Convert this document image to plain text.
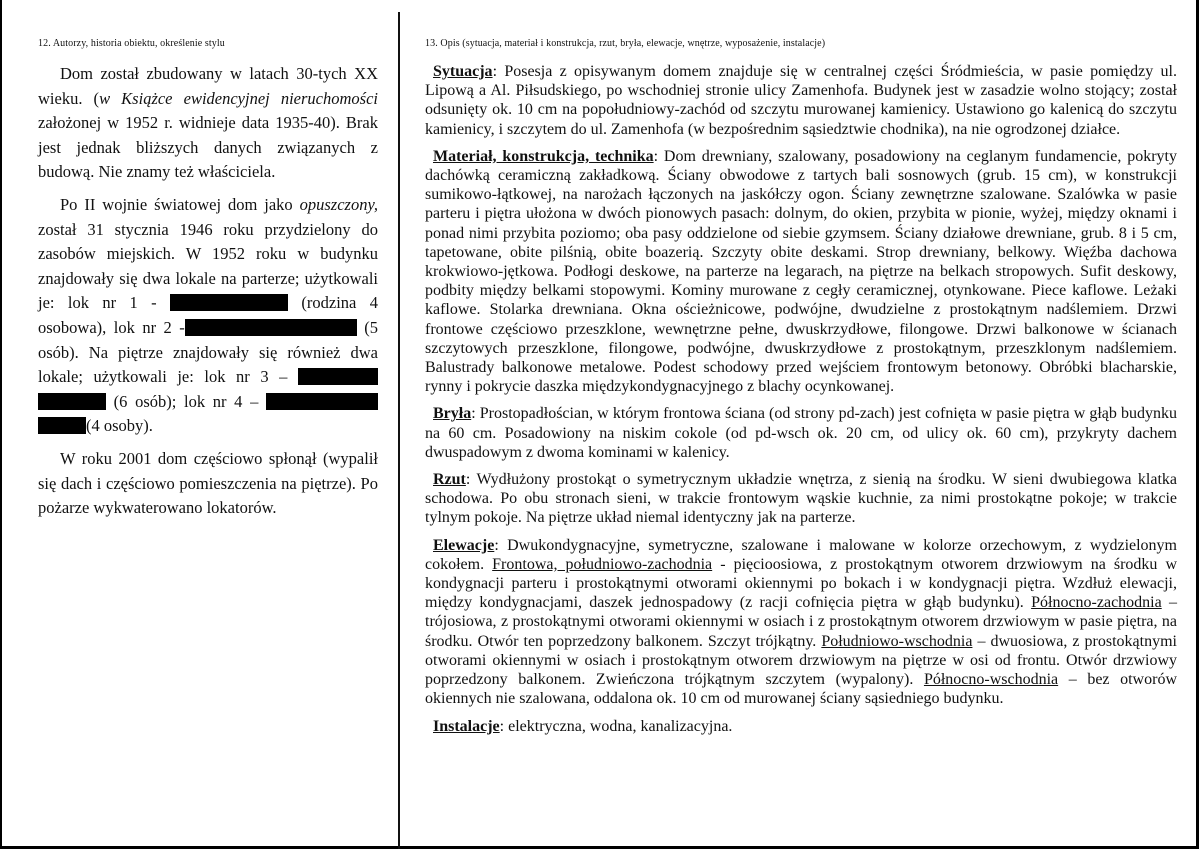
12. Autorzy, historia obiektu, określenie stylu

Dom został zbudowany w latach 30-tych XX wieku. (w Książce ewidencyjnej nieruchomości założonej w 1952 r. widnieje data 1935-40). Brak jest jednak bliższych danych związanych z budową. Nie znamy też właściciela.

Po II wojnie światowej dom jako opuszczony, został 31 stycznia 1946 roku przydzielony do zasobów miejskich. W 1952 roku w budynku znajdowały się dwa lokale na parterze; użytkowali je: lok nr 1 -	(rodzina 4 osobowa), lok nr 2 -	(5 osób). Na piętrze znajdowały się również dwa lokale; użytkowali je: lok nr 3 –   (6 osób); lok nr 4 –  (4 osoby).

W roku 2001 dom częściowo spłonął (wypalił się dach i częściowo pomieszczenia na piętrze). Po pożarze wykwaterowano lokatorów.

13. Opis (sytuacja, materiał i konstrukcja, rzut, bryła, elewacje, wnętrze, wyposażenie, instalacje)

Sytuacja: Posesja z opisywanym domem znajduje się w centralnej części Śródmieścia, w pasie pomiędzy ul. Lipową a Al. Piłsudskiego, po wschodniej stronie ulicy Zamenhofa. Budynek jest w zasadzie wolno stojący; został odsunięty ok. 10 cm na popołudniowy-zachód od szczytu murowanej kamienicy. Ustawiono go kalenicą do szczytu kamienicy, i szczytem do ul. Zamenhofa (w bezpośrednim sąsiedztwie chodnika), na nie ogrodzonej działce.

Materiał, konstrukcja, technika: Dom drewniany, szalowany, posadowiony na ceglanym fundamencie, pokryty dachówką ceramiczną zakładkową. Ściany obwodowe z tartych bali sosnowych (grub. 15 cm), w konstrukcji sumikowo-łątkowej, na narożach łączonych na jaskółczy ogon. Ściany zewnętrzne szalowane. Szalówka w pasie parteru i piętra ułożona w dwóch pionowych pasach: dolnym, do okien, przybita w pionie, wyżej, między oknami i ponad nimi przybita poziomo; oba pasy oddzielone od siebie gzymsem. Ściany działowe drewniane, grub. 8 i 5 cm, tapetowane, obite pilśnią, obite boazerią. Szczyty obite deskami. Strop drewniany, belkowy. Więźba dachowa krokwiowo-jętkowa. Podłogi deskowe, na parterze na legarach, na piętrze na belkach stropowych. Sufit deskowy, podbity między belkami stopowymi. Kominy murowane z cegły ceramicznej, otynkowane. Piece kaflowe. Leżaki kaflowe. Stolarka drewniana. Okna ościeżnicowe, podwójne, dwudzielne z prostokątnym nadślemiem. Drzwi frontowe częściowo przeszklone, wewnętrzne pełne, dwuskrzydłowe, filongowe. Drzwi balkonowe w ścianach szczytowych przeszklone, filongowe, podwójne, dwuskrzydłowe z prostokątnym, przeszklonym nadślemiem. Balustrady balkonowe metalowe. Podest schodowy przed wejściem frontowym betonowy. Obróbki blacharskie, rynny i pokrycie daszka międzykondygnacyjnego z blachy ocynkowanej.

Bryła: Prostopadłościan, w którym frontowa ściana (od strony pd-zach) jest cofnięta w pasie piętra w głąb budynku na 60 cm. Posadowiony na niskim cokole (od pd-wsch ok. 20 cm, od ulicy ok. 60 cm), przykryty dachem dwuspadowym z dwoma kominami w kalenicy.

Rzut: Wydłużony prostokąt o symetrycznym układzie wnętrza, z sienią na środku. W sieni dwubiegowa klatka schodowa. Po obu stronach sieni, w trakcie frontowym wąskie kuchnie, za nimi prostokątne pokoje; w trakcie tylnym pokoje. Na piętrze układ niemal identyczny jak na parterze.

Elewacje: Dwukondygnacyjne, symetryczne, szalowane i malowane w kolorze orzechowym, z wydzielonym cokołem. Frontowa, południowo-zachodnia - pięcioosiowa, z prostokątnym otworem drzwiowym na środku w kondygnacji parteru i prostokątnymi otworami okiennymi po bokach i w kondygnacji piętra. Wzdłuż elewacji, między kondygnacjami, daszek jednospadowy (z racji cofnięcia piętra w głąb budynku). Północno-zachodnia – trójosiowa, z prostokątnymi otworami okiennymi w osiach i z prostokątnym otworem drzwiowym w pasie piętra, na środku. Otwór ten poprzedzony balkonem. Szczyt trójkątny. Południowo-wschodnia – dwuosiowa, z prostokątnymi otworami okiennymi w osiach i prostokątnym otworem drzwiowym na piętrze w osi od frontu. Otwór drzwiowy poprzedzony balkonem. Zwieńczona trójkątnym szczytem (wypalony). Północno-wschodnia – bez otworów okiennych nie szalowana, oddalona ok. 10 cm od murowanej ściany sąsiedniego budynku.

Instalacje: elektryczna, wodna, kanalizacyjna.
